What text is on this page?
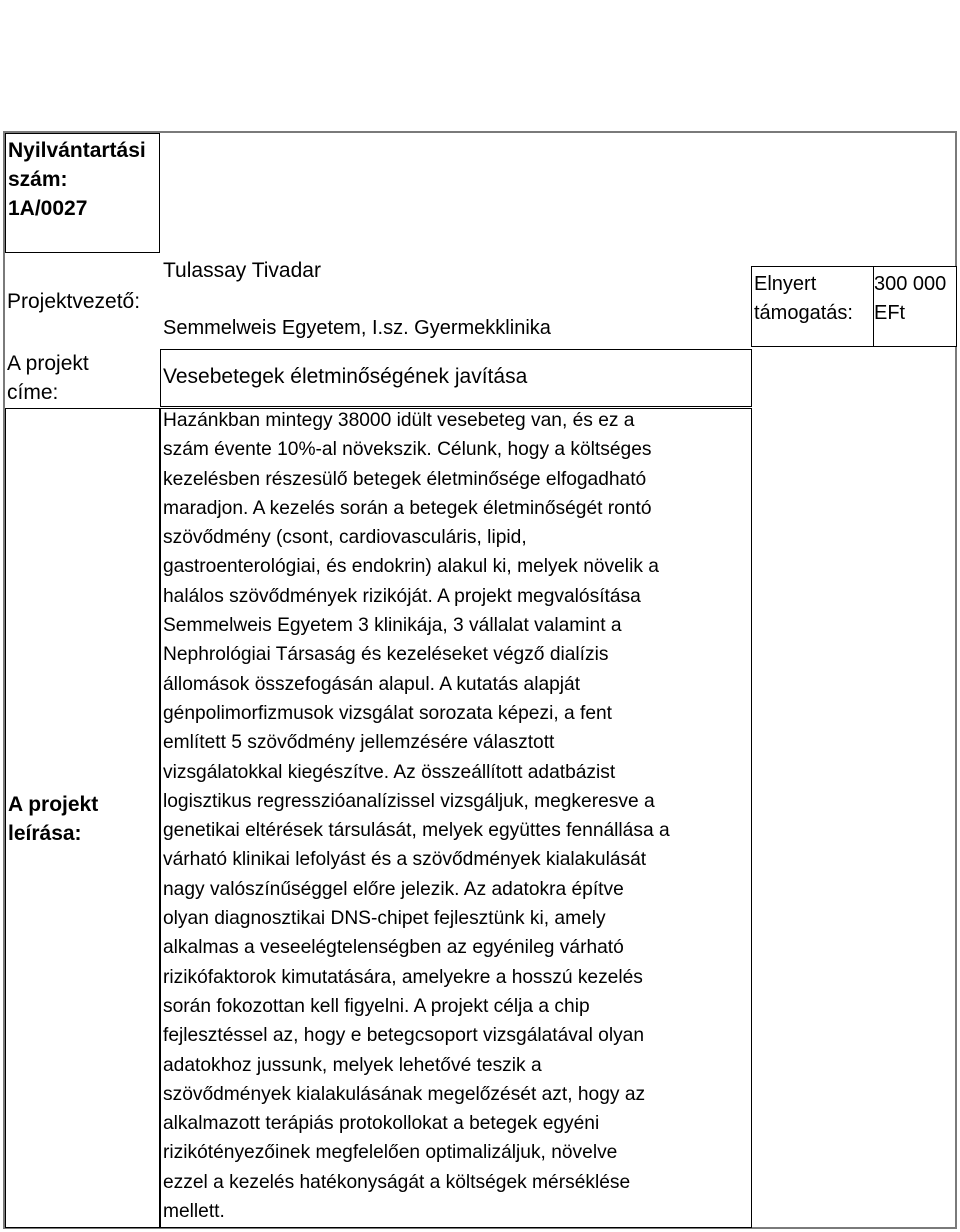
Nyilvántartási
szám:
1A/0027
Projektvezető:
Tulassay Tivadar
Semmelweis Egyetem, I.sz. Gyermekklinika
Elnyert
támogatás:
300 000
EFt
A projekt
címe:
Vesebetegek életminőségének javítása
A projekt
leírása:
Hazánkban mintegy 38000 idült vesebeteg van, és ez a
szám évente 10%-al növekszik. Célunk, hogy a költséges
kezelésben részesülő betegek életminősége elfogadható
maradjon. A kezelés során a betegek életminőségét rontó
szövődmény (csont, cardiovasculáris, lipid,
gastroenterológiai, és endokrin) alakul ki, melyek növelik a
halálos szövődmények rizikóját. A projekt megvalósítása
Semmelweis Egyetem 3 klinikája, 3 vállalat valamint a
Nephrológiai Társaság és kezeléseket végző dialízis
állomások összefogásán alapul. A kutatás alapját
génpolimorfizmusok vizsgálat sorozata képezi, a fent
említett 5 szövődmény jellemzésére választott
vizsgálatokkal kiegészítve. Az összeállított adatbázist
logisztikus regresszióanalízissel vizsgáljuk, megkeresve a
genetikai eltérések társulását, melyek együttes fennállása a
várható klinikai lefolyást és a szövődmények kialakulását
nagy valószínűséggel előre jelezik. Az adatokra építve
olyan diagnosztikai DNS-chipet fejlesztünk ki, amely
alkalmas a veseelégtelenségben az egyénileg várható
rizikófaktorok kimutatására, amelyekre a hosszú kezelés
során fokozottan kell figyelni. A projekt célja a chip
fejlesztéssel az, hogy e betegcsoport vizsgálatával olyan
adatokhoz jussunk, melyek lehetővé teszik a
szövődmények kialakulásának megelőzését azt, hogy az
alkalmazott terápiás protokollokat a betegek egyéni
rizikótényezőinek megfelelően optimalizáljuk, növelve
ezzel a kezelés hatékonyságát a költségek mérséklése
mellett.
